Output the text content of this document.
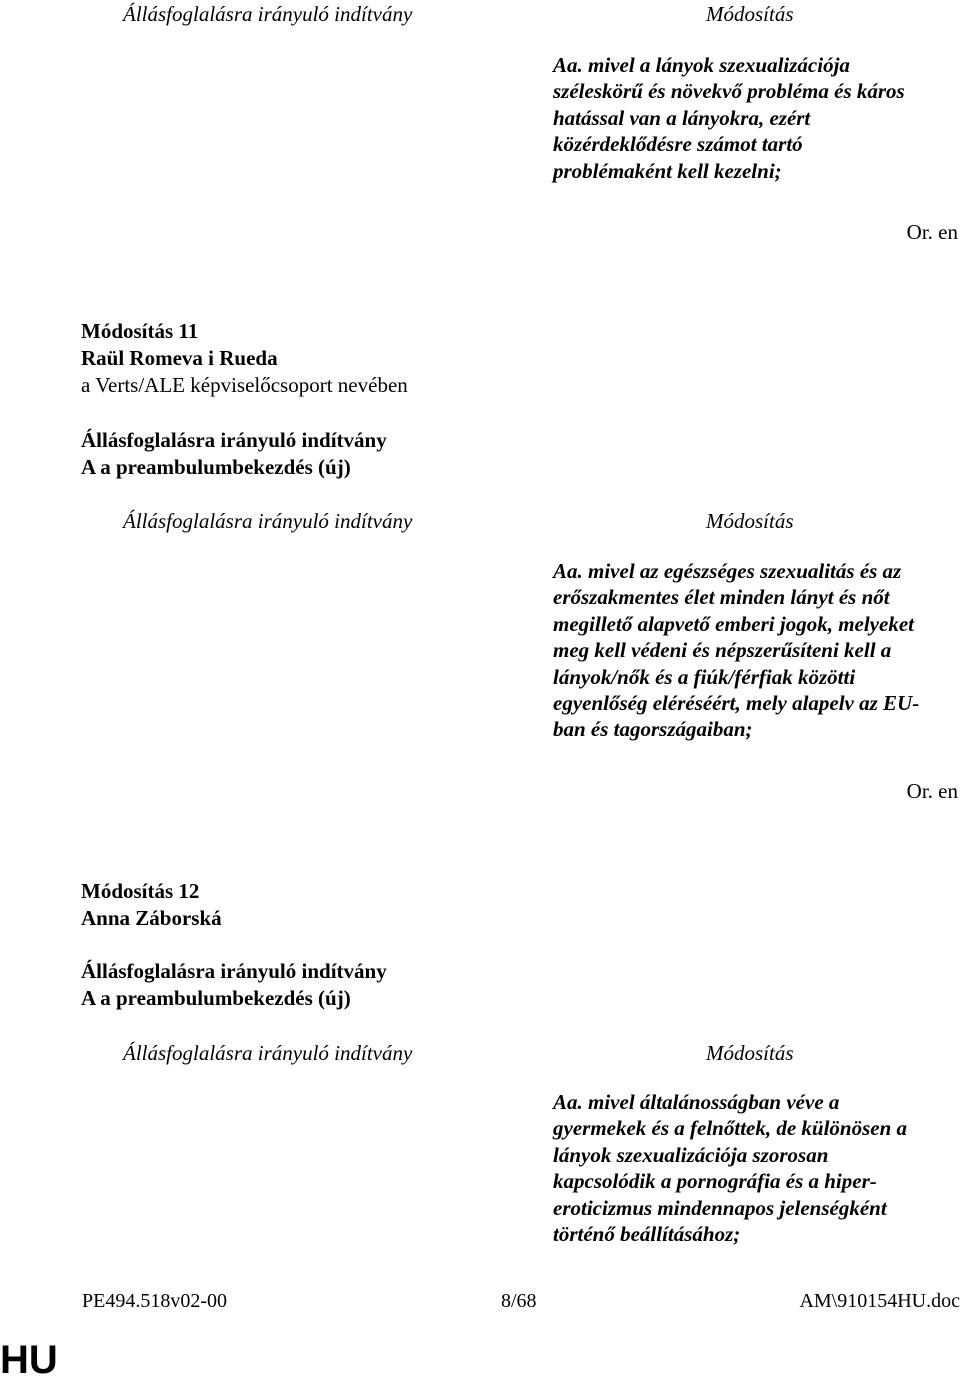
Állásfoglalásra irányuló indítvány	Módosítás
Aa. mivel a lányok szexualizációja
széleskörű és növekvő probléma és káros
hatással van a lányokra, ezért
közérdeklődésre számot tartó
problémaként kell kezelni;
Or. en
Módosítás 11
Raül Romeva i Rueda
a Verts/ALE képviselőcsoport nevében
Állásfoglalásra irányuló indítvány
A a preambulumbekezdés (új)
Állásfoglalásra irányuló indítvány	Módosítás
Aa. mivel az egészséges szexualitás és az
erőszakmentes élet minden lányt és nőt
megillető alapvető emberi jogok, melyeket
meg kell védeni és népszerűsíteni kell a
lányok/nők és a fiúk/férfiak közötti
egyenlőség eléréséért, mely alapelv az EU-
ban és tagországaiban;
Or. en
Módosítás 12
Anna Záborská
Állásfoglalásra irányuló indítvány
A a preambulumbekezdés (új)
Állásfoglalásra irányuló indítvány	Módosítás
Aa. mivel általánosságban véve a
gyermekek és a felnőttek, de különösen a
lányok szexualizációja szorosan
kapcsolódik a pornográfia és a hiper-
eroticizmus mindennapos jelenségként
történő beállításához;
PE494.518v02-00	8/68	AM\910154HU.doc
HU
